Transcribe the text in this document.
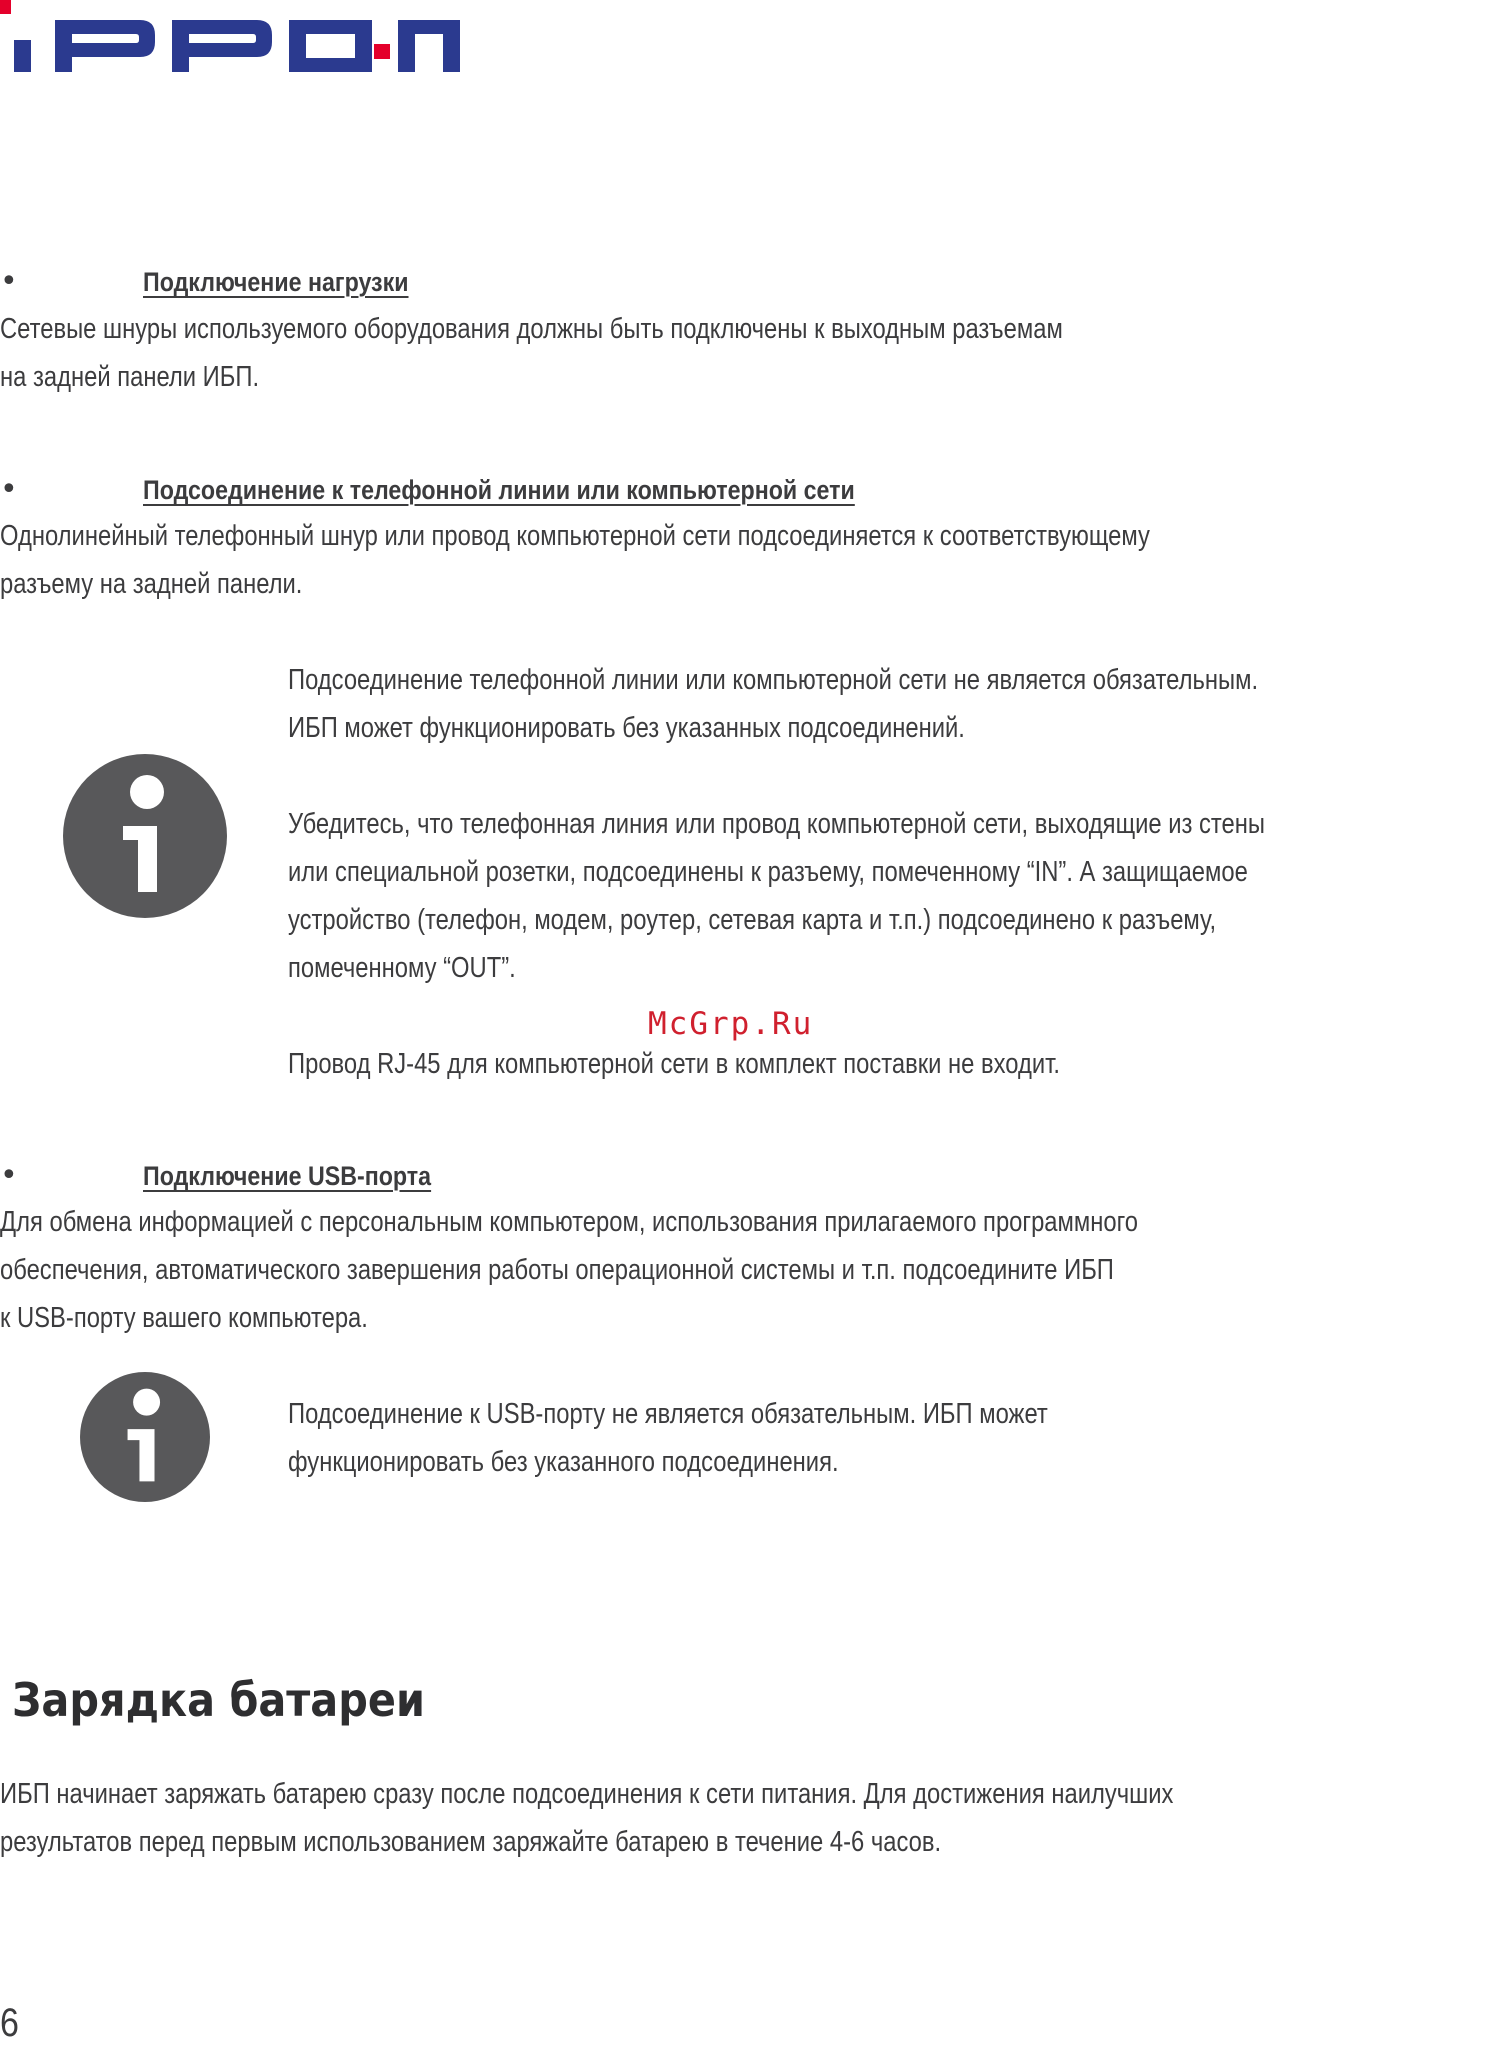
•	Подключение нагрузки
Сетевые шнуры используемого оборудования должны быть подключены к выходным разъемам
на задней панели ИБП.
•	Подсоединение к телефонной линии или компьютерной сети
Однолинейный телефонный шнур или провод компьютерной сети подсоединяется к соответствующему
разъему на задней панели.
Подсоединение телефонной линии или компьютерной сети не является обязательным.
ИБП может функционировать без указанных подсоединений.
Убедитесь, что телефонная линия или провод компьютерной сети, выходящие из стены
или специальной розетки, подсоединены к разъему, помеченному “IN”. А защищаемое
устройство (телефон, модем, роутер, сетевая карта и т.п.) подсоединено к разъему,
помеченному “OUT”.
McGrp.Ru
Провод RJ-45 для компьютерной сети в комплект поставки не входит.
•	Подключение USB-порта
Для обмена информацией с персональным компьютером, использования прилагаемого программного
обеспечения, автоматического завершения работы операционной системы и т.п. подсоедините ИБП
к USB-порту вашего компьютера.
Подсоединение к USB-порту не является обязательным. ИБП может
функционировать без указанного подсоединения.
Зарядка батареи
ИБП начинает заряжать батарею сразу после подсоединения к сети питания. Для достижения наилучших
результатов перед первым использованием заряжайте батарею в течение 4-6 часов.
6
